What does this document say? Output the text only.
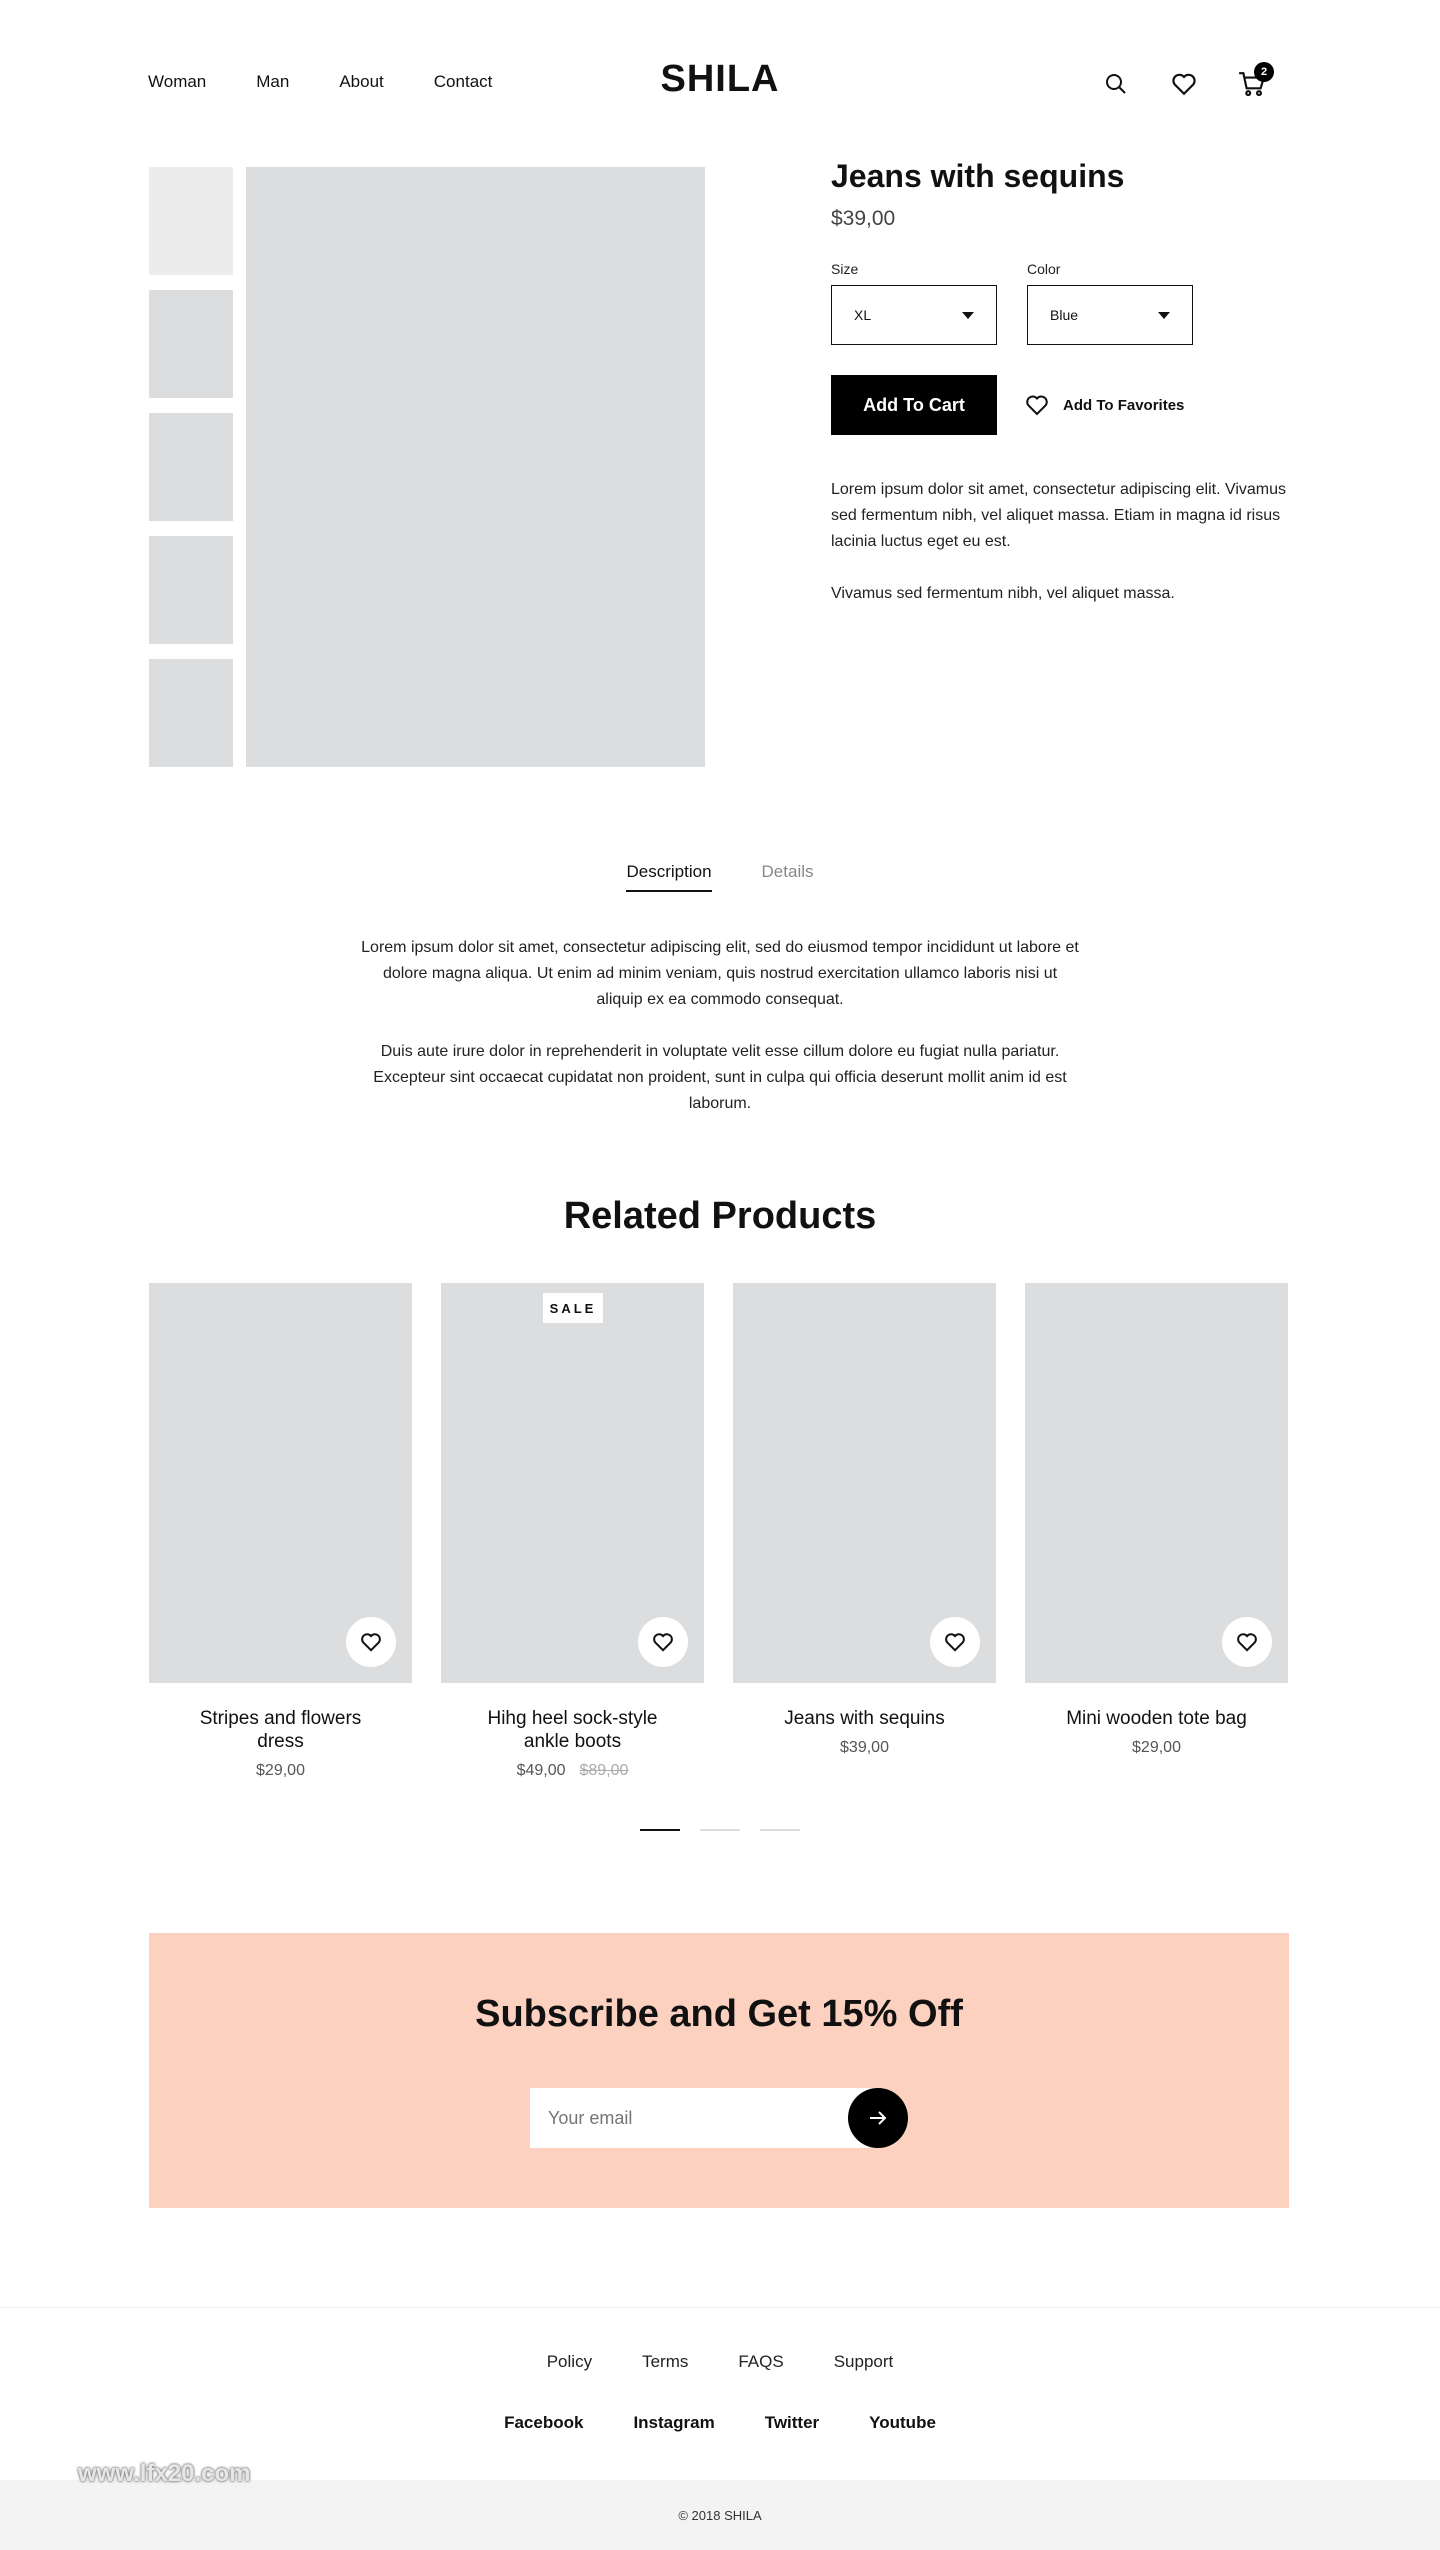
Woman	Man	About	Contact	SHILA	2
Jeans with sequins
$39,00
Size
XL
Color
Blue
Add To Cart	Add To Favorites

Lorem ipsum dolor sit amet, consectetur adipiscing elit. Vivamus sed fermentum nibh, vel aliquet massa. Etiam in magna id risus lacinia luctus eget eu est.

Vivamus sed fermentum nibh, vel aliquet massa.

Description	Details

Lorem ipsum dolor sit amet, consectetur adipiscing elit, sed do eiusmod tempor incididunt ut labore et dolore magna aliqua. Ut enim ad minim veniam, quis nostrud exercitation ullamco laboris nisi ut aliquip ex ea commodo consequat.

Duis aute irure dolor in reprehenderit in voluptate velit esse cillum dolore eu fugiat nulla pariatur. Excepteur sint occaecat cupidatat non proident, sunt in culpa qui officia deserunt mollit anim id est laborum.

Related Products
Stripes and flowers dress
$29,00
SALE
Hihg heel sock-style ankle boots
$49,00 $89,00
Jeans with sequins
$39,00
Mini wooden tote bag
$29,00
Subscribe and Get 15% Off
Your email
Policy	Terms	FAQS	Support
Facebook	Instagram	Twitter	Youtube
© 2018 SHILA
www.lfx20.com
